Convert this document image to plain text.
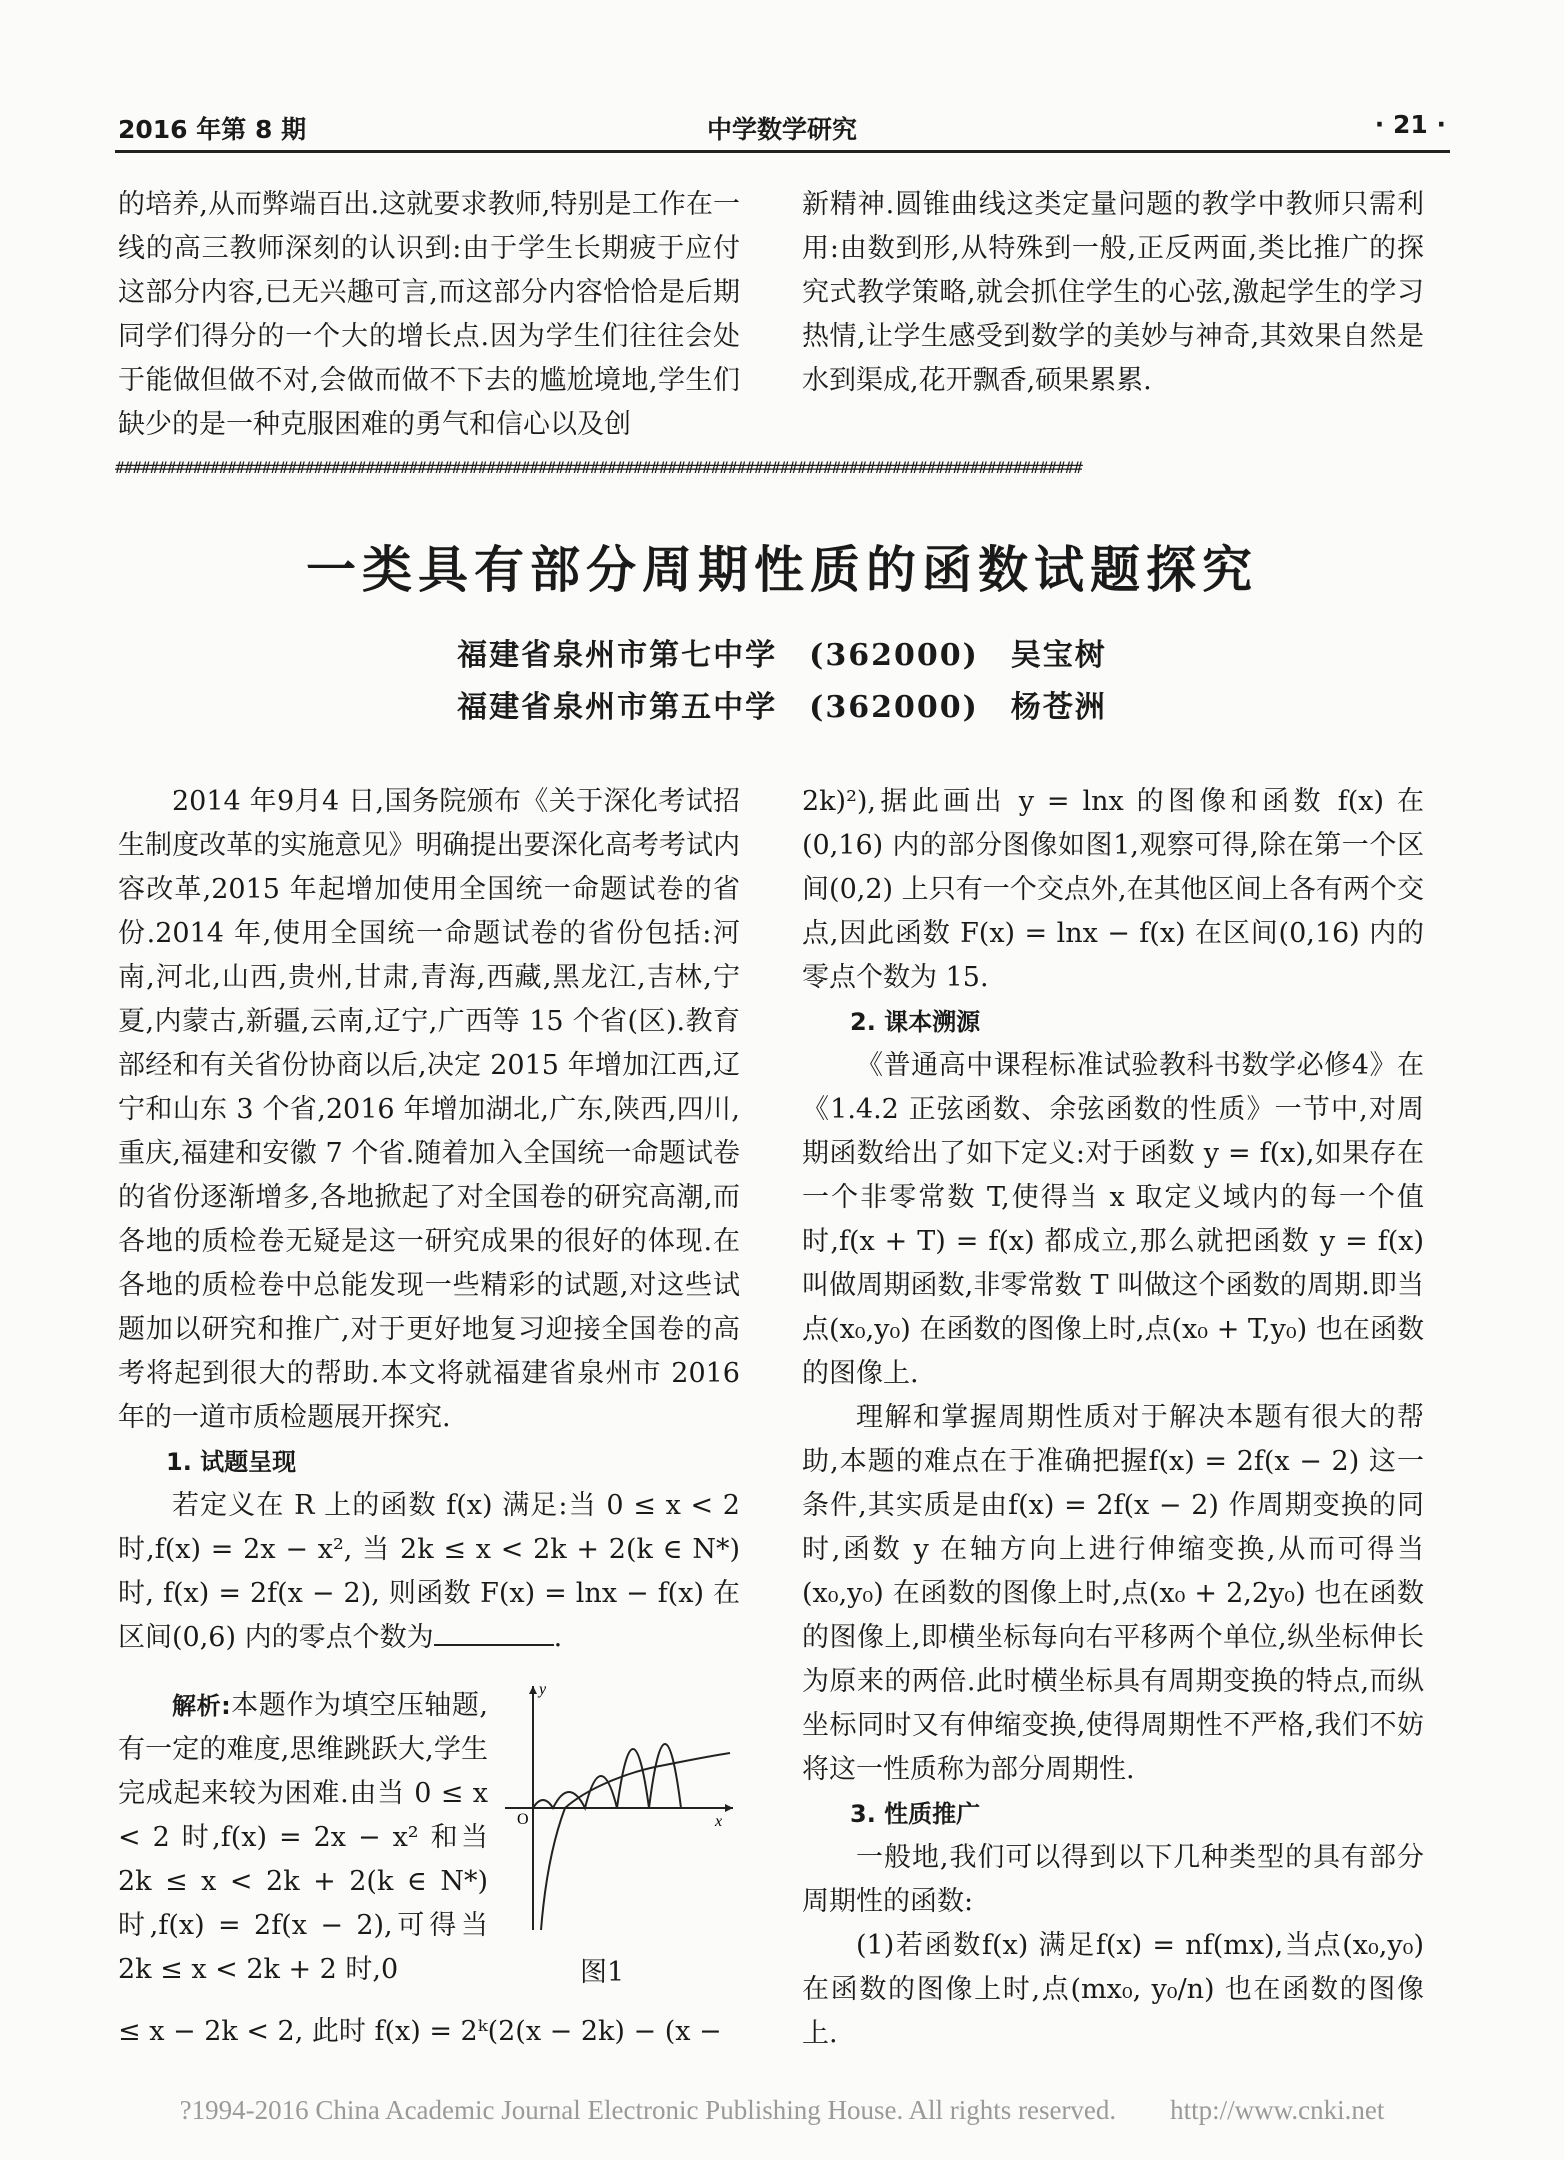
2016 年第 8 期	中学数学研究	· 21 ·
的培养,从而弊端百出.这就要求教师,特别是工作在一线的高三教师深刻的认识到:由于学生长期疲于应付这部分内容,已无兴趣可言,而这部分内容恰恰是后期同学们得分的一个大的增长点.因为学生们往往会处于能做但做不对,会做而做不下去的尴尬境地,学生们缺少的是一种克服困难的勇气和信心以及创
新精神.圆锥曲线这类定量问题的教学中教师只需利用:由数到形,从特殊到一般,正反两面,类比推广的探究式教学策略,就会抓住学生的心弦,激起学生的学习热情,让学生感受到数学的美妙与神奇,其效果自然是水到渠成,花开飘香,硕果累累.
################################################################################################################
一类具有部分周期性质的函数试题探究
福建省泉州市第七中学　(362000)　吴宝树
福建省泉州市第五中学　(362000)　杨苍洲

2014 年9月4 日,国务院颁布《关于深化考试招生制度改革的实施意见》明确提出要深化高考考试内容改革,2015 年起增加使用全国统一命题试卷的省份.2014 年,使用全国统一命题试卷的省份包括:河南,河北,山西,贵州,甘肃,青海,西藏,黑龙江,吉林,宁夏,内蒙古,新疆,云南,辽宁,广西等 15 个省(区).教育部经和有关省份协商以后,决定 2015 年增加江西,辽宁和山东 3 个省,2016 年增加湖北,广东,陕西,四川,重庆,福建和安徽 7 个省.随着加入全国统一命题试卷的省份逐渐增多,各地掀起了对全国卷的研究高潮,而各地的质检卷无疑是这一研究成果的很好的体现.在各地的质检卷中总能发现一些精彩的试题,对这些试题加以研究和推广,对于更好地复习迎接全国卷的高考将起到很大的帮助.本文将就福建省泉州市 2016 年的一道市质检题展开探究.

1. 试题呈现

若定义在 R 上的函数 f(x) 满足:当 0 ≤ x < 2 时,f(x) = 2x − x², 当 2k ≤ x < 2k + 2(k ∈ N*) 时, f(x) = 2f(x − 2), 则函数 F(x) = lnx − f(x) 在区间(0,6) 内的零点个数为	.

解析:本题作为填空压轴题,有一定的难度,思维跳跃大,学生完成起来较为困难.由当 0 ≤ x < 2 时,f(x) = 2x − x² 和当 2k ≤ x < 2k + 2(k ∈ N*) 时,f(x) = 2f(x − 2),可得当 2k ≤ x < 2k + 2 时,0

≤ x − 2k < 2, 此时 f(x) = 2ᵏ(2(x − 2k) − (x −
y
x
O
图1

2k)²),据此画出 y = lnx 的图像和函数 f(x) 在(0,16) 内的部分图像如图1,观察可得,除在第一个区间(0,2) 上只有一个交点外,在其他区间上各有两个交点,因此函数 F(x) = lnx − f(x) 在区间(0,16) 内的零点个数为 15.

2. 课本溯源

《普通高中课程标准试验教科书数学必修4》在《1.4.2 正弦函数、余弦函数的性质》一节中,对周期函数给出了如下定义:对于函数 y = f(x),如果存在一个非零常数 T,使得当 x 取定义域内的每一个值时,f(x + T) = f(x) 都成立,那么就把函数 y = f(x) 叫做周期函数,非零常数 T 叫做这个函数的周期.即当点(x₀,y₀) 在函数的图像上时,点(x₀ + T,y₀) 也在函数的图像上.

理解和掌握周期性质对于解决本题有很大的帮助,本题的难点在于准确把握f(x) = 2f(x − 2) 这一条件,其实质是由f(x) = 2f(x − 2) 作周期变换的同时,函数 y 在轴方向上进行伸缩变换,从而可得当(x₀,y₀) 在函数的图像上时,点(x₀ + 2,2y₀) 也在函数的图像上,即横坐标每向右平移两个单位,纵坐标伸长为原来的两倍.此时横坐标具有周期变换的特点,而纵坐标同时又有伸缩变换,使得周期性不严格,我们不妨将这一性质称为部分周期性.

3. 性质推广

一般地,我们可以得到以下几种类型的具有部分周期性的函数:

(1)若函数f(x) 满足f(x) = nf(mx),当点(x₀,y₀) 在函数的图像上时,点(mx₀, y₀/n) 也在函数的图像上.

?1994-2016 China Academic Journal Electronic Publishing House. All rights reserved.　　http://www.cnki.net
